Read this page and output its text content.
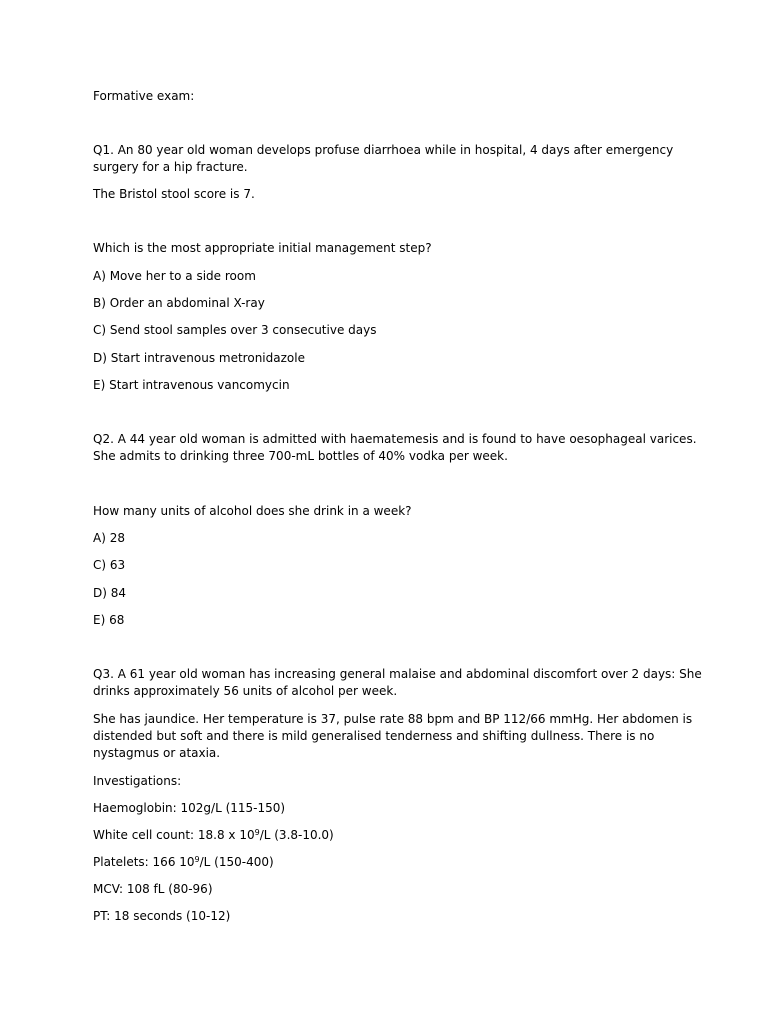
Formative exam:
Q1. An 80 year old woman develops profuse diarrhoea while in hospital, 4 days after emergency
surgery for a hip fracture.
The Bristol stool score is 7.
Which is the most appropriate initial management step?
A) Move her to a side room
B) Order an abdominal X-ray
C) Send stool samples over 3 consecutive days
D) Start intravenous metronidazole
E) Start intravenous vancomycin
Q2. A 44 year old woman is admitted with haematemesis and is found to have oesophageal varices.
She admits to drinking three 700-mL bottles of 40% vodka per week.
How many units of alcohol does she drink in a week?
A) 28
C) 63
D) 84
E) 68
Q3. A 61 year old woman has increasing general malaise and abdominal discomfort over 2 days: She
drinks approximately 56 units of alcohol per week.
She has jaundice. Her temperature is 37, pulse rate 88 bpm and BP 112/66 mmHg. Her abdomen is
distended but soft and there is mild generalised tenderness and shifting dullness. There is no
nystagmus or ataxia.
Investigations:
Haemoglobin: 102g/L (115-150)
White cell count: 18.8 x $10^9/L$ (3.8-10.0)
Platelets: 166 $10^9/L$ (150-400)
MCV: 108 fL (80-96)
PT: 18 seconds (10-12)
